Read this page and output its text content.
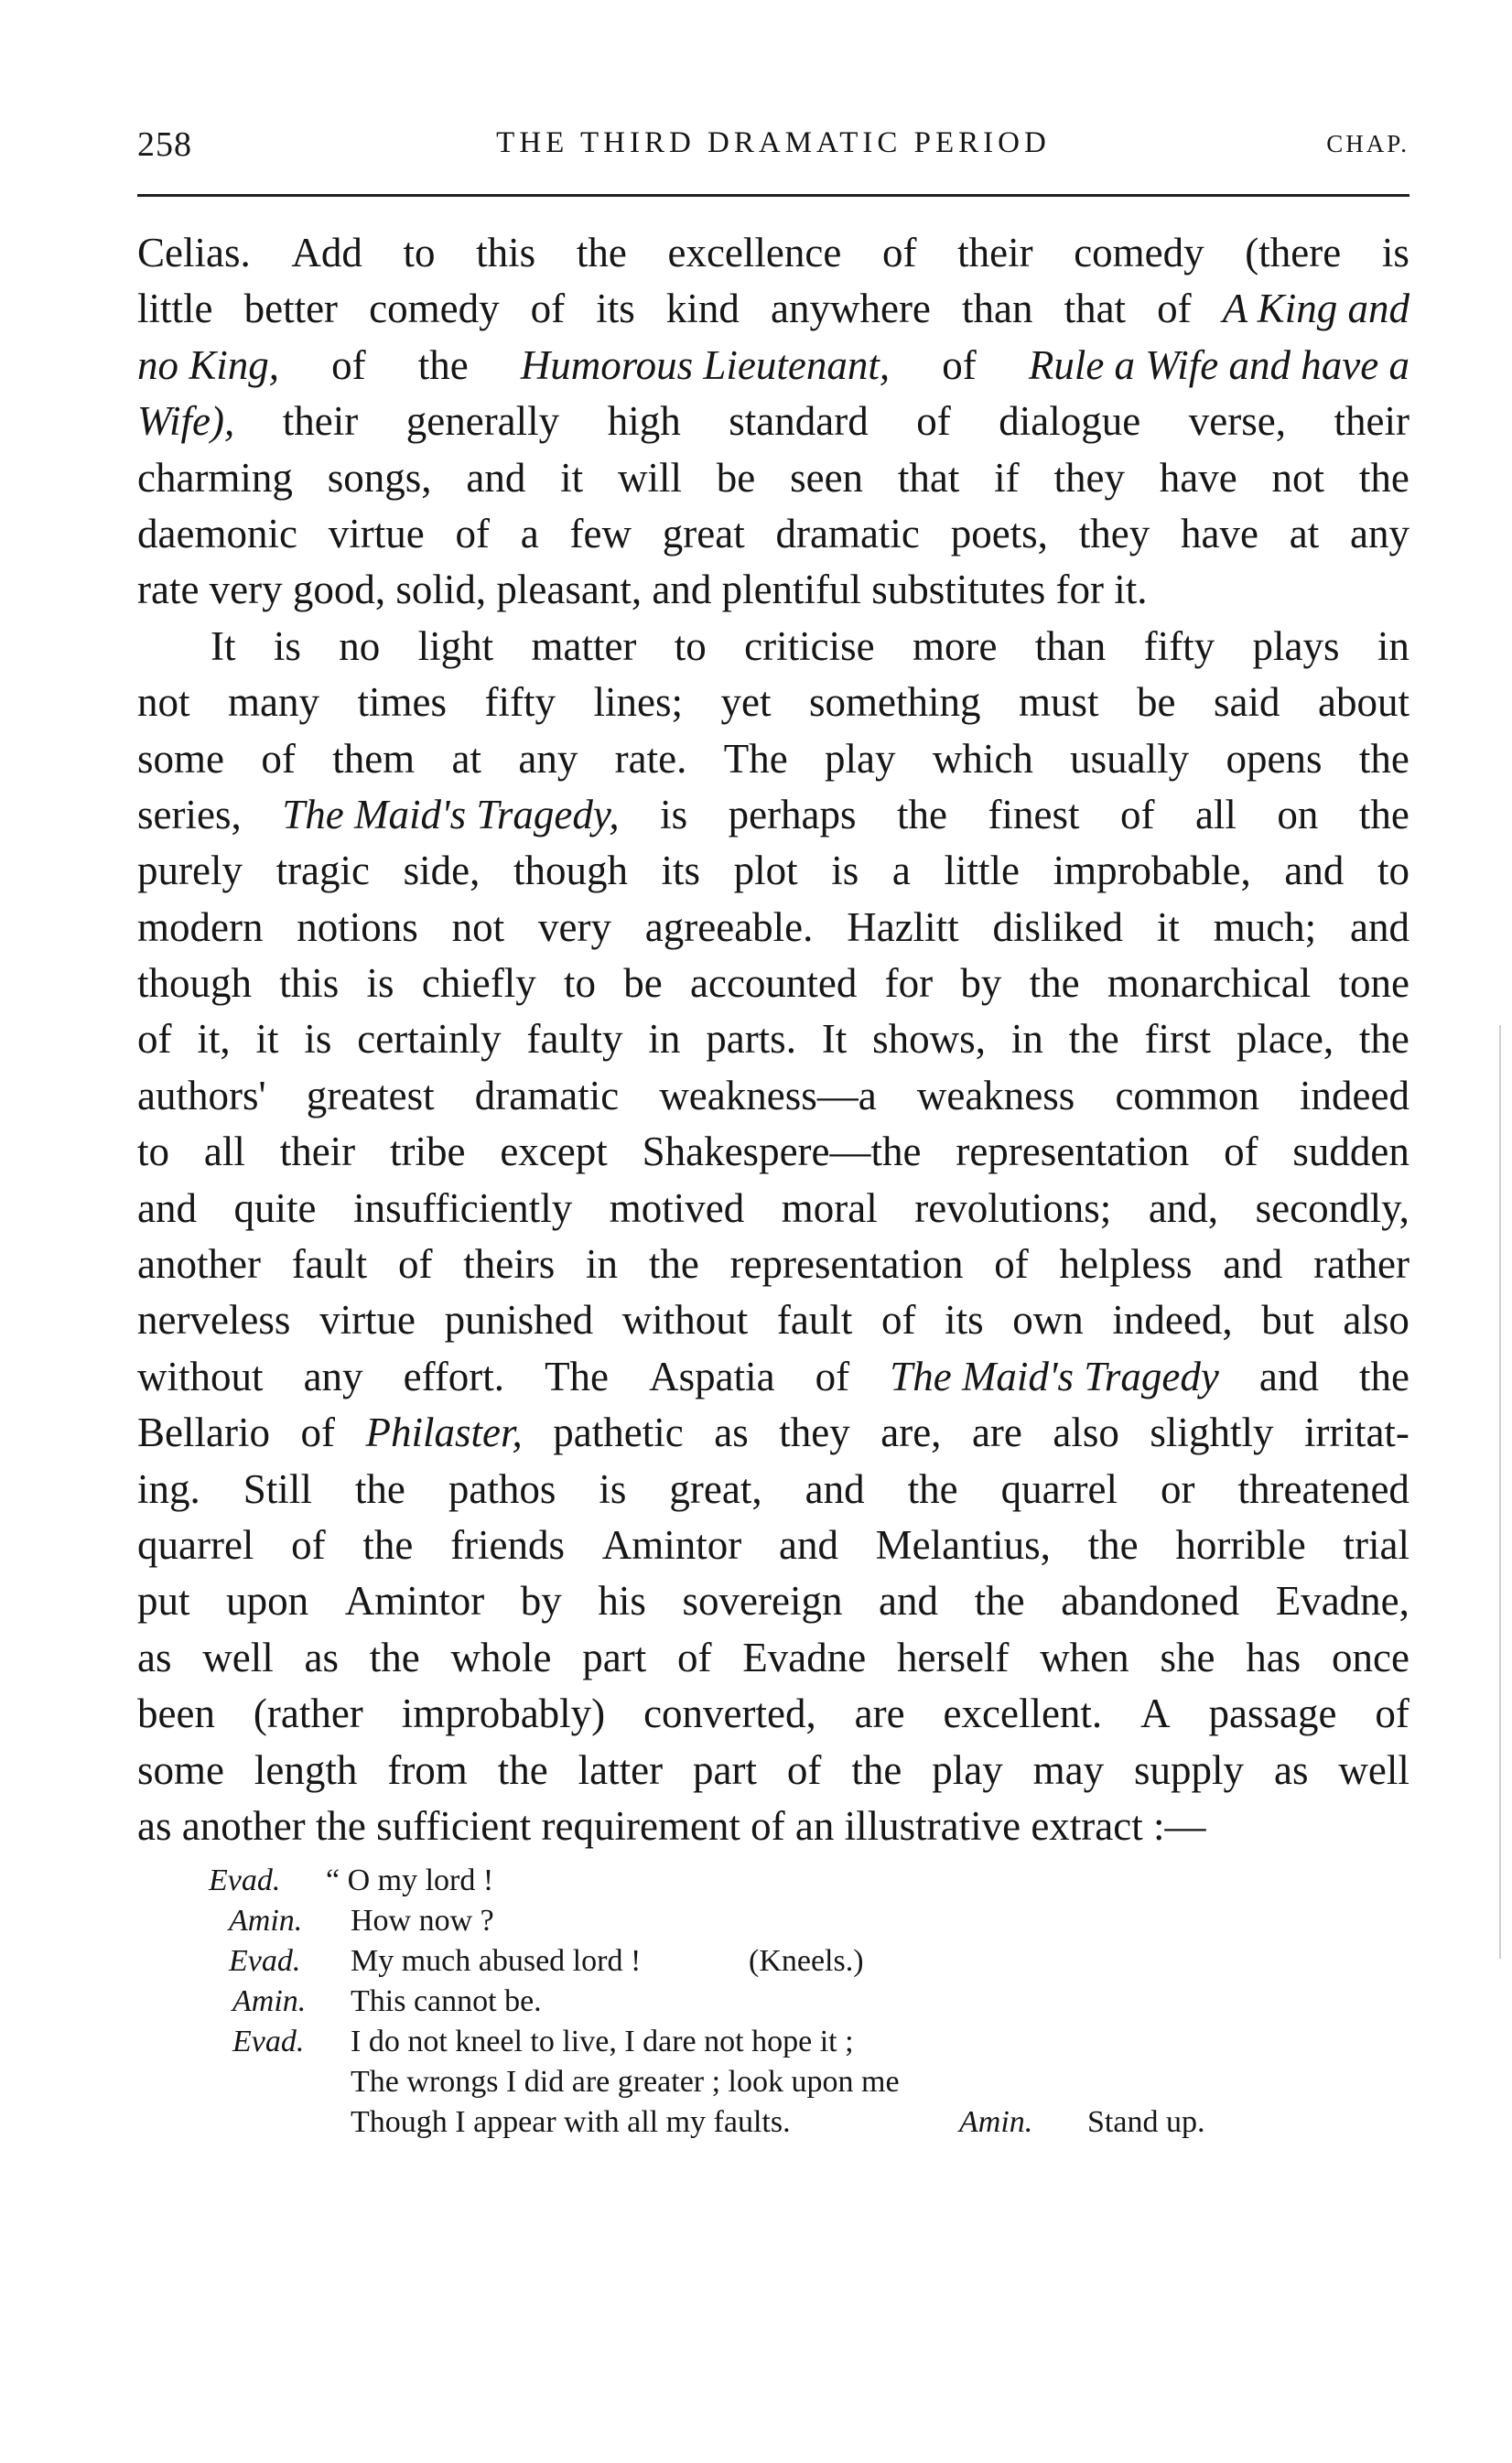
258	THE THIRD DRAMATIC PERIOD	CHAP.
Celias. Add to this the excellence of their comedy (there is
little better comedy of its kind anywhere than that of A King and
no King, of the Humorous Lieutenant, of Rule a Wife and have a
Wife), their generally high standard of dialogue verse, their
charming songs, and it will be seen that if they have not the
daemonic virtue of a few great dramatic poets, they have at any
rate very good, solid, pleasant, and plentiful substitutes for it.
It is no light matter to criticise more than fifty plays in
not many times fifty lines; yet something must be said about
some of them at any rate. The play which usually opens the
series, The Maid's Tragedy, is perhaps the finest of all on the
purely tragic side, though its plot is a little improbable, and to
modern notions not very agreeable. Hazlitt disliked it much; and
though this is chiefly to be accounted for by the monarchical tone
of it, it is certainly faulty in parts. It shows, in the first place, the
authors' greatest dramatic weakness—a weakness common indeed
to all their tribe except Shakespere—the representation of sudden
and quite insufficiently motived moral revolutions; and, secondly,
another fault of theirs in the representation of helpless and rather
nerveless virtue punished without fault of its own indeed, but also
without any effort. The Aspatia of The Maid's Tragedy and the
Bellario of Philaster, pathetic as they are, are also slightly irritat-
ing. Still the pathos is great, and the quarrel or threatened
quarrel of the friends Amintor and Melantius, the horrible trial
put upon Amintor by his sovereign and the abandoned Evadne,
as well as the whole part of Evadne herself when she has once
been (rather improbably) converted, are excellent. A passage of
some length from the latter part of the play may supply as well
as another the sufficient requirement of an illustrative extract :—
Evad. “ O my lord !
Amin. How now ?
Evad. My much abused lord !	(Kneels.)
Amin. This cannot be.
Evad. I do not kneel to live, I dare not hope it ;
The wrongs I did are greater ; look upon me
Though I appear with all my faults.	Amin. Stand up.
